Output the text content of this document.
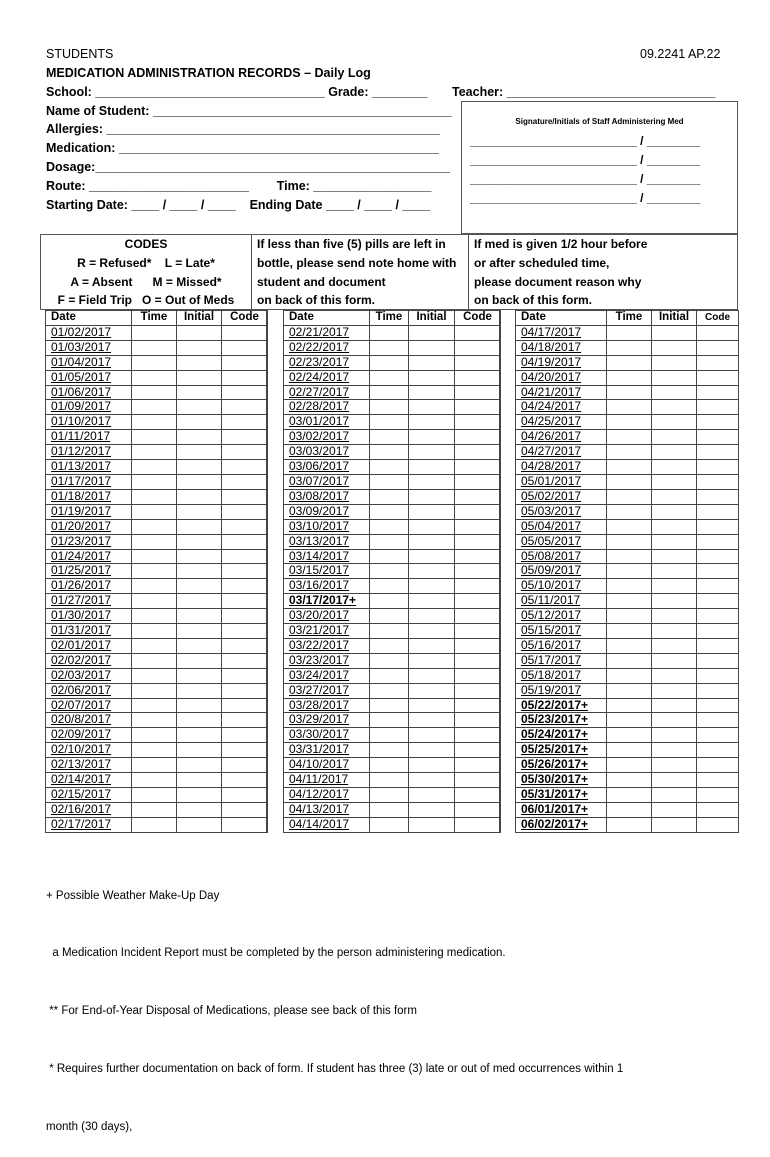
STUDENTS	09.2241 AP.22
MEDICATION ADMINISTRATION RECORDS – Daily Log
School: _________________________________ Grade: ________ Teacher: ______________________________
Name of Student: ___________________________________________
Allergies: ________________________________________________
Medication: ______________________________________________
Dosage:___________________________________________________
Route: _______________________        Time: _________________
Starting Date: ____ / ____ / ____    Ending Date ____ / ____ / ____
Signature/Initials of Staff Administering Med
_________________________ / ________
_________________________ / ________
_________________________ / ________
_________________________ / ________
CODES
R = Refused*    L = Late*
A = Absent      M = Missed*
F = Field Trip   O = Out of Meds
If less than five (5) pills are left in
bottle, please send note home with
student and document
on back of this form.
If med is given 1/2 hour before
or after scheduled time,
please document reason why
on back of this form.
Date	Time	Initial	Code
01/02/2017			
01/03/2017			
01/04/2017			
01/05/2017			
01/06/2017			
01/09/2017			
01/10/2017			
01/11/2017			
01/12/2017			
01/13/2017			
01/17/2017			
01/18/2017			
01/19/2017			
01/20/2017			
01/23/2017			
01/24/2017			
01/25/2017			
01/26/2017			
01/27/2017			
01/30/2017			
01/31/2017			
02/01/2017			
02/02/2017			
02/03/2017			
02/06/2017			
02/07/2017			
020/8/2017			
02/09/2017			
02/10/2017			
02/13/2017			
02/14/2017			
02/15/2017			
02/16/2017			
02/17/2017			
Date	Time	Initial	Code
02/21/2017			
02/22/2017			
02/23/2017			
02/24/2017			
02/27/2017			
02/28/2017			
03/01/2017			
03/02/2017			
03/03/2017			
03/06/2017			
03/07/2017			
03/08/2017			
03/09/2017			
03/10/2017			
03/13/2017			
03/14/2017			
03/15/2017			
03/16/2017			
03/17/2017+			
03/20/2017			
03/21/2017			
03/22/2017			
03/23/2017			
03/24/2017			
03/27/2017			
03/28/2017			
03/29/2017			
03/30/2017			
03/31/2017			
04/10/2017			
04/11/2017			
04/12/2017			
04/13/2017			
04/14/2017			
Date	Time	Initial	Code
04/17/2017			
04/18/2017			
04/19/2017			
04/20/2017			
04/21/2017			
04/24/2017			
04/25/2017			
04/26/2017			
04/27/2017			
04/28/2017			
05/01/2017			
05/02/2017			
05/03/2017			
05/04/2017			
05/05/2017			
05/08/2017			
05/09/2017			
05/10/2017			
05/11/2017			
05/12/2017			
05/15/2017			
05/16/2017			
05/17/2017			
05/18/2017			
05/19/2017			
05/22/2017+			
05/23/2017+			
05/24/2017+			
05/25/2017+			
05/26/2017+			
05/30/2017+			
05/31/2017+			
06/01/2017+			
06/02/2017+			

+ Possible Weather Make-Up Day

a Medication Incident Report must be completed by the person administering medication.

** For End-of-Year Disposal of Medications, please see back of this form

* Requires further documentation on back of form. If student has three (3) late or out of med occurrences within 1

month (30 days),
